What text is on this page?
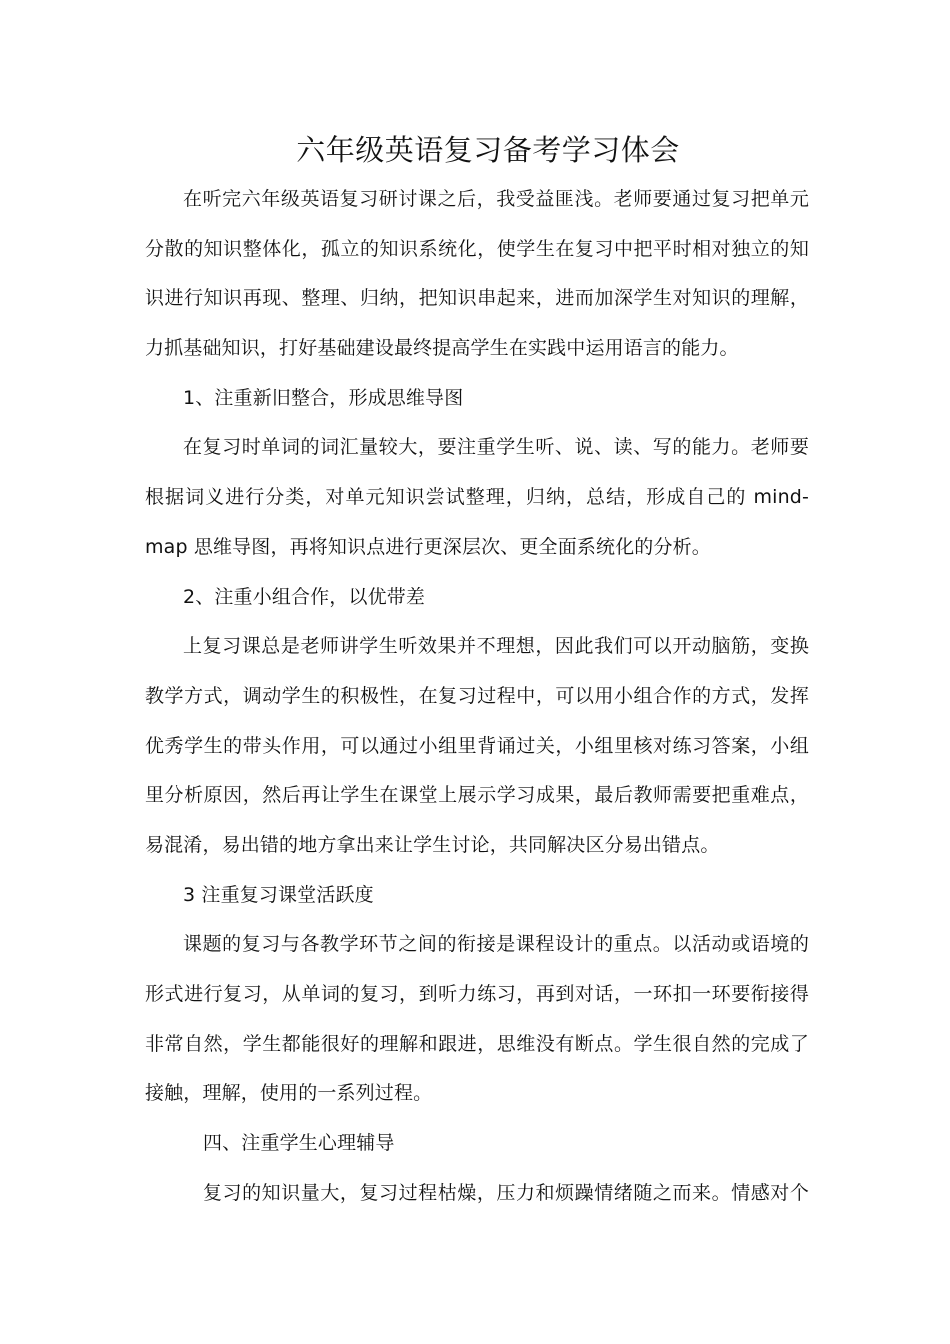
六年级英语复习备考学习体会
在听完六年级英语复习研讨课之后，我受益匪浅。老师要通过复习把单元
分散的知识整体化，孤立的知识系统化，使学生在复习中把平时相对独立的知
识进行知识再现、整理、归纳，把知识串起来，进而加深学生对知识的理解，
力抓基础知识，打好基础建设最终提高学生在实践中运用语言的能力。
1、注重新旧整合，形成思维导图
在复习时单词的词汇量较大，要注重学生听、说、读、写的能力。老师要
根据词义进行分类，对单元知识尝试整理，归纳，总结，形成自己的 mind-
map 思维导图，再将知识点进行更深层次、更全面系统化的分析。
2、注重小组合作，以优带差
上复习课总是老师讲学生听效果并不理想，因此我们可以开动脑筋，变换
教学方式，调动学生的积极性，在复习过程中，可以用小组合作的方式，发挥
优秀学生的带头作用，可以通过小组里背诵过关，小组里核对练习答案，小组
里分析原因，然后再让学生在课堂上展示学习成果，最后教师需要把重难点，
易混淆，易出错的地方拿出来让学生讨论，共同解决区分易出错点。
3 注重复习课堂活跃度
课题的复习与各教学环节之间的衔接是课程设计的重点。以活动或语境的
形式进行复习，从单词的复习，到听力练习，再到对话，一环扣一环要衔接得
非常自然，学生都能很好的理解和跟进，思维没有断点。学生很自然的完成了
接触，理解，使用的一系列过程。
四、注重学生心理辅导
复习的知识量大，复习过程枯燥，压力和烦躁情绪随之而来。情感对个
